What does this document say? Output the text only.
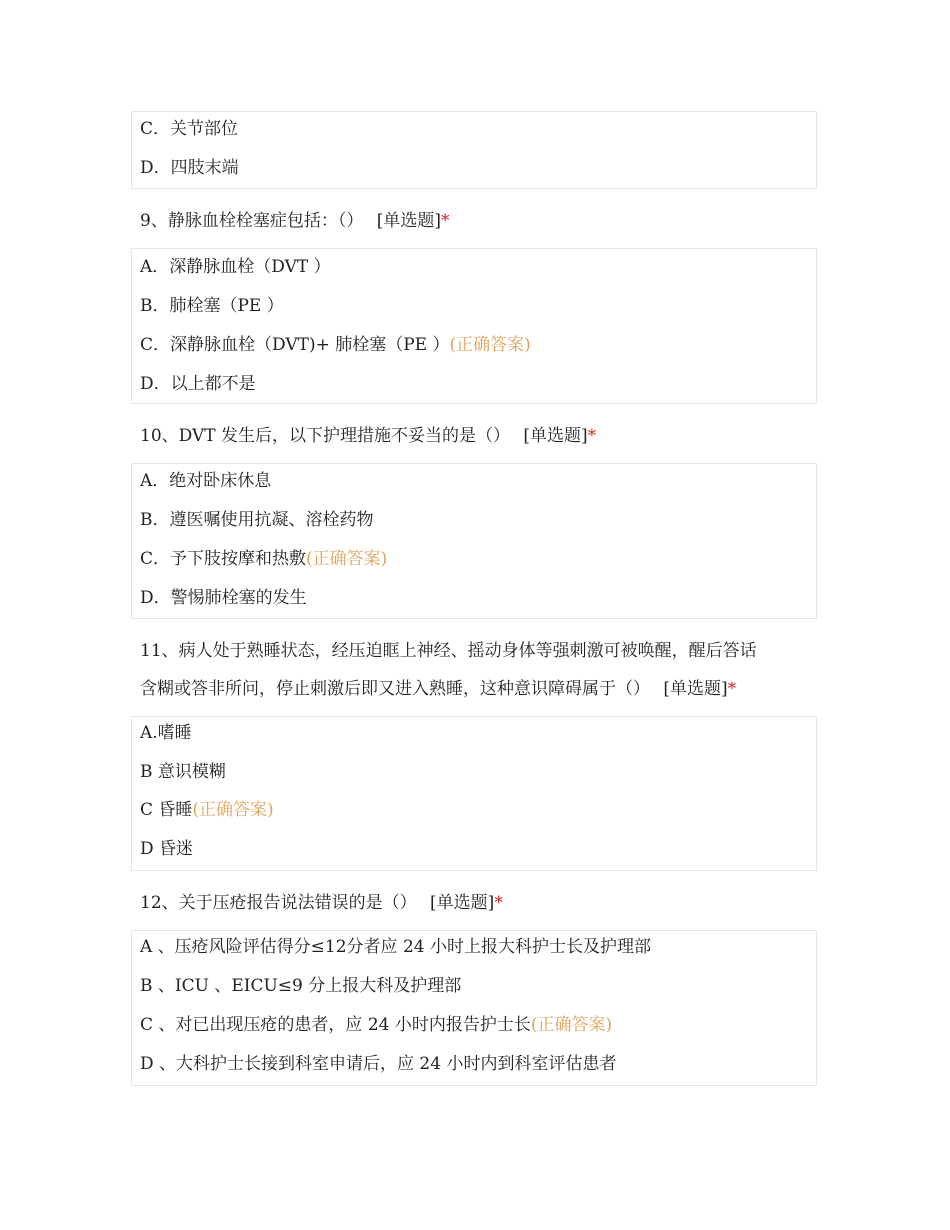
C．关节部位
D．四肢末端
9、静脉血栓栓塞症包括：（） [单选题]*
A．深静脉血栓（DVT ）
B．肺栓塞（PE ）
C．深静脉血栓（DVT)+ 肺栓塞（PE ）(正确答案)
D．以上都不是
10、DVT 发生后，以下护理措施不妥当的是（） [单选题]*
A．绝对卧床休息
B．遵医嘱使用抗凝、溶栓药物
C．予下肢按摩和热敷(正确答案)
D．警惕肺栓塞的发生
11、病人处于熟睡状态，经压迫眶上神经、摇动身体等强刺激可被唤醒，醒后答话
含糊或答非所问，停止刺激后即又进入熟睡，这种意识障碍属于（） [单选题]*
A.嗜睡
B 意识模糊
C 昏睡(正确答案)
D 昏迷
12、关于压疮报告说法错误的是（） [单选题]*
A 、压疮风险评估得分≤12分者应 24 小时上报大科护士长及护理部
B 、ICU 、EICU≤9 分上报大科及护理部
C 、对已出现压疮的患者，应 24 小时内报告护士长(正确答案)
D 、大科护士长接到科室申请后，应 24 小时内到科室评估患者
